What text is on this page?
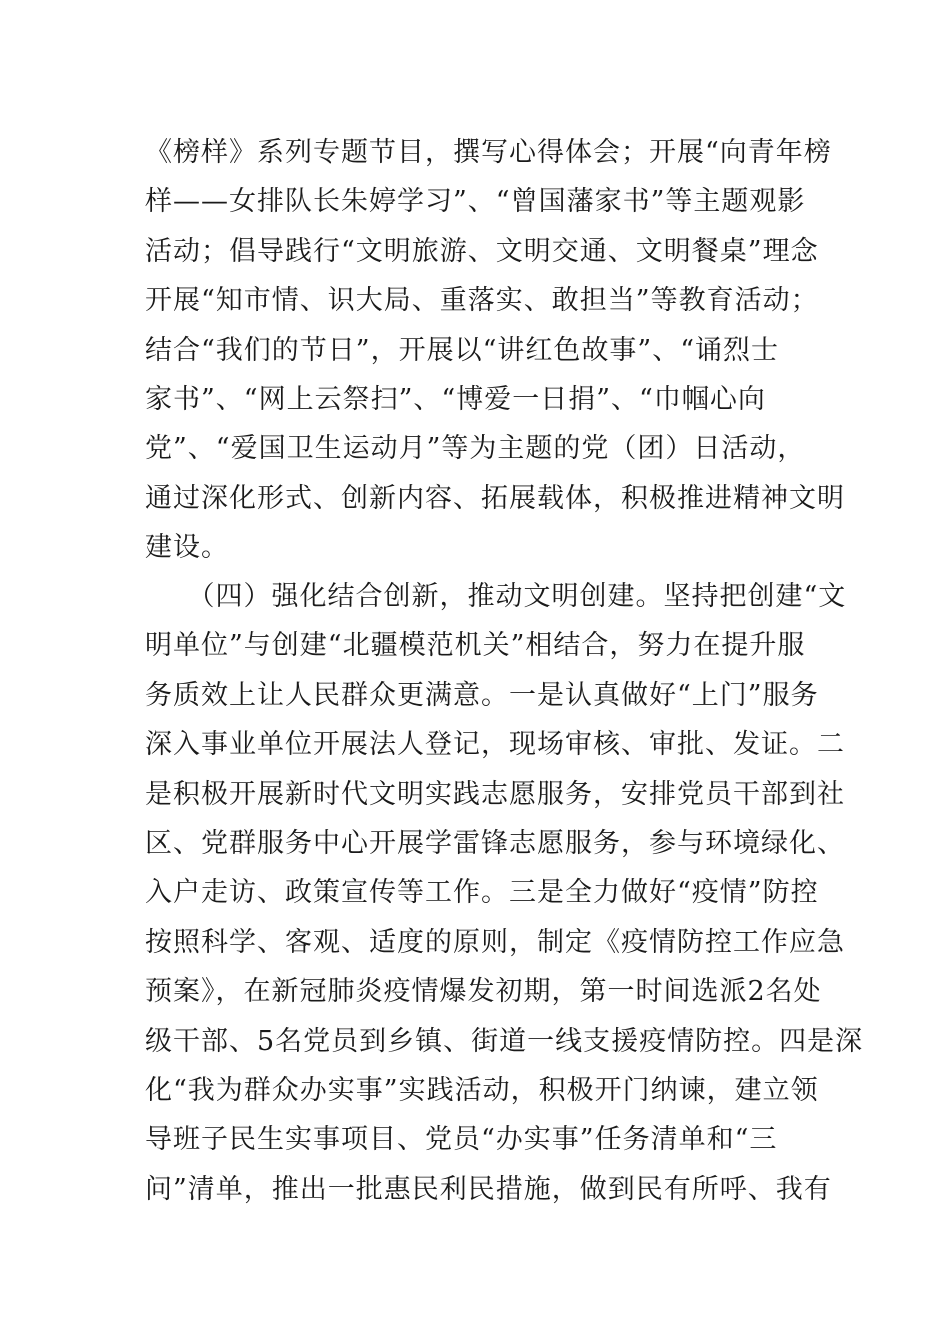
《榜样》系列专题节目，撰写心得体会；开展“向青年榜
样——女排队长朱婷学习”、“曾国藩家书”等主题观影
活动；倡导践行“文明旅游、文明交通、文明餐桌”理念
开展“知市情、识大局、重落实、敢担当”等教育活动；
结合“我们的节日”，开展以“讲红色故事”、“诵烈士
家书”、“网上云祭扫”、“博爱一日捐”、“巾帼心向
党”、“爱国卫生运动月”等为主题的党（团）日活动，
通过深化形式、创新内容、拓展载体，积极推进精神文明
建设。
　　（四）强化结合创新，推动文明创建。坚持把创建“文
明单位”与创建“北疆模范机关”相结合，努力在提升服
务质效上让人民群众更满意。一是认真做好“上门”服务
深入事业单位开展法人登记，现场审核、审批、发证。二
是积极开展新时代文明实践志愿服务，安排党员干部到社
区、党群服务中心开展学雷锋志愿服务，参与环境绿化、
入户走访、政策宣传等工作。三是全力做好“疫情”防控
按照科学、客观、适度的原则，制定《疫情防控工作应急
预案》，在新冠肺炎疫情爆发初期，第一时间选派2名处
级干部、5名党员到乡镇、街道一线支援疫情防控。四是深
化“我为群众办实事”实践活动，积极开门纳谏，建立领
导班子民生实事项目、党员“办实事”任务清单和“三
问”清单，推出一批惠民利民措施，做到民有所呼、我有
